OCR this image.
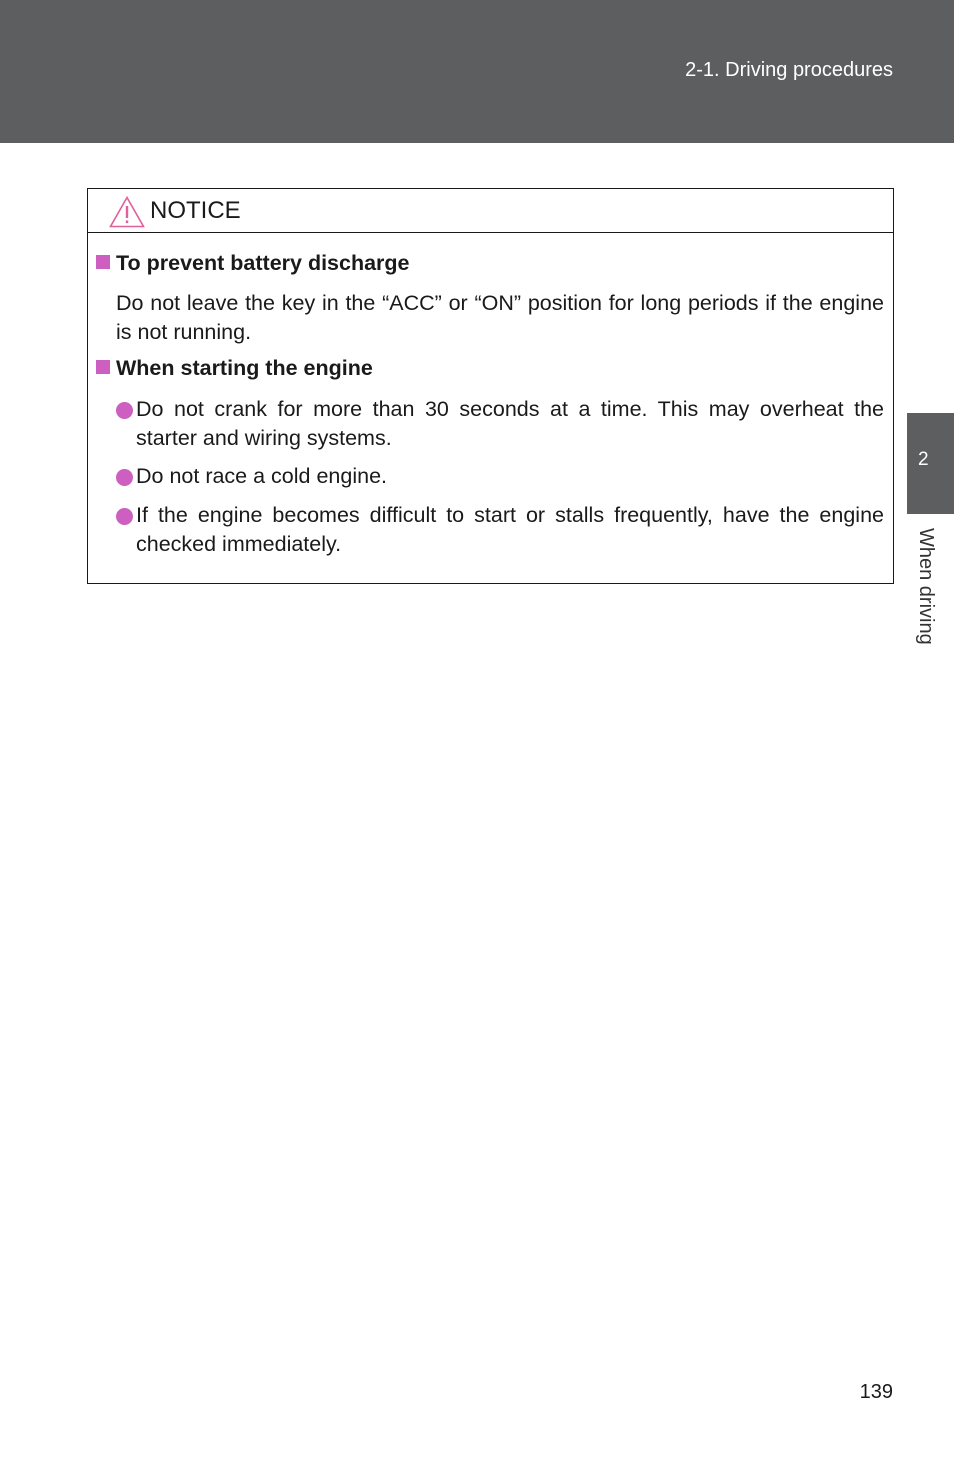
2-1. Driving procedures
NOTICE
To prevent battery discharge
Do not leave the key in the “ACC” or “ON” position for long periods if the engine is not running.
When starting the engine
Do not crank for more than 30 seconds at a time. This may overheat the starter and wiring systems.
Do not race a cold engine.
If the engine becomes difficult to start or stalls frequently, have the engine checked immediately.
2
When driving
139
